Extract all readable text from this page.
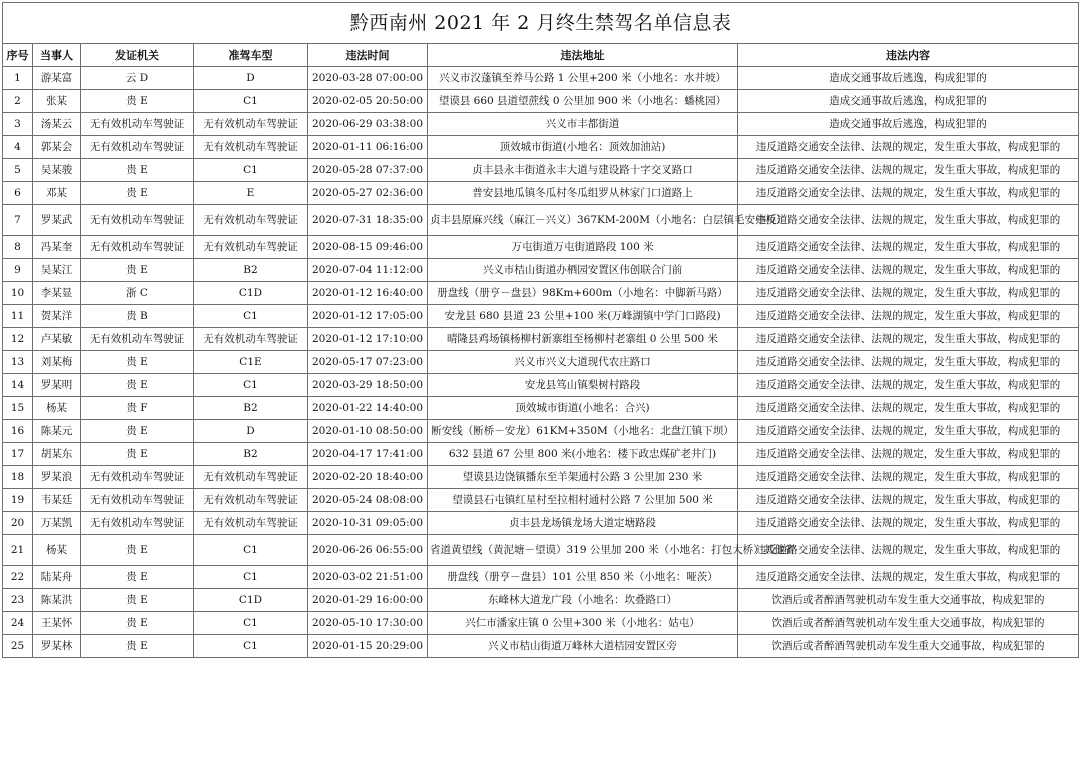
黔西南州 2021 年 2 月终生禁驾名单信息表						
序号	当事人	发证机关	准驾车型	违法时间	违法地址	违法内容
1	游某富	云 D	D	2020-03-28 07:00:00	兴义市㳇蓬镇至养马公路 1 公里+200 米（小地名：水井坡）	造成交通事故后逃逸，构成犯罪的
2	张某	贵 E	C1	2020-02-05 20:50:00	望谟县 660 县道望蔗线 0 公里加 900 米（小地名：蟠桃园）	造成交通事故后逃逸，构成犯罪的
3	汤某云	无有效机动车驾驶证	无有效机动车驾驶证	2020-06-29 03:38:00	兴义市丰都街道	造成交通事故后逃逸，构成犯罪的
4	郭某会	无有效机动车驾驶证	无有效机动车驾驶证	2020-01-11 06:16:00	顶效城市街道(小地名：顶效加油站)	违反道路交通安全法律、法规的规定，发生重大事故，构成犯罪的
5	吴某骏	贵 E	C1	2020-05-28 07:37:00	贞丰县永丰街道永丰大道与建设路十字交叉路口	违反道路交通安全法律、法规的规定，发生重大事故，构成犯罪的
6	邓某	贵 E	E	2020-05-27 02:36:00	普安县地瓜镇冬瓜村冬瓜组罗从林家门口道路上	违反道路交通安全法律、法规的规定，发生重大事故，构成犯罪的
7	罗某武	无有效机动车驾驶证	无有效机动车驾驶证	2020-07-31 18:35:00	贞丰县原麻兴线（麻江－兴义）367KM-200M（小地名：白层镇毛安中桥）	违反道路交通安全法律、法规的规定，发生重大事故，构成犯罪的
8	冯某奎	无有效机动车驾驶证	无有效机动车驾驶证	2020-08-15 09:46:00	万屯街道万屯街道路段 100 米	违反道路交通安全法律、法规的规定，发生重大事故，构成犯罪的
9	吴某江	贵 E	B2	2020-07-04 11:12:00	兴义市桔山街道办栖园安置区伟创联合门前	违反道路交通安全法律、法规的规定，发生重大事故，构成犯罪的
10	李某显	浙 C	C1D	2020-01-12 16:40:00	册盘线（册亨－盘县）98Km+600m（小地名：中脚新马路）	违反道路交通安全法律、法规的规定，发生重大事故，构成犯罪的
11	贺某洋	贵 B	C1	2020-01-12 17:05:00	安龙县 680 县道 23 公里+100 米(万峰湖镇中学门口路段)	违反道路交通安全法律、法规的规定，发生重大事故，构成犯罪的
12	卢某敏	无有效机动车驾驶证	无有效机动车驾驶证	2020-01-12 17:10:00	晴隆县鸡场镇杨柳村新寨组至杨柳村老寨组 0 公里 500 米	违反道路交通安全法律、法规的规定，发生重大事故，构成犯罪的
13	刘某梅	贵 E	C1E	2020-05-17 07:23:00	兴义市兴义大道现代农庄路口	违反道路交通安全法律、法规的规定，发生重大事故，构成犯罪的
14	罗某明	贵 E	C1	2020-03-29 18:50:00	安龙县笃山镇梨树村路段	违反道路交通安全法律、法规的规定，发生重大事故，构成犯罪的
15	杨某	贵 F	B2	2020-01-22 14:40:00	顶效城市街道(小地名：合兴)	违反道路交通安全法律、法规的规定，发生重大事故，构成犯罪的
16	陈某元	贵 E	D	2020-01-10 08:50:00	断安线（断桥－安龙）61KM+350M（小地名：北盘江镇下坝）	违反道路交通安全法律、法规的规定，发生重大事故，构成犯罪的
17	胡某东	贵 E	B2	2020-04-17 17:41:00	632 县道 67 公里 800 米(小地名：楼下政忠煤矿老井门)	违反道路交通安全法律、法规的规定，发生重大事故，构成犯罪的
18	罗某浪	无有效机动车驾驶证	无有效机动车驾驶证	2020-02-20 18:40:00	望谟县边饶镇播东至羊架通村公路 3 公里加 230 米	违反道路交通安全法律、法规的规定，发生重大事故，构成犯罪的
19	韦某廷	无有效机动车驾驶证	无有效机动车驾驶证	2020-05-24 08:08:00	望谟县石屯镇红星村至拉相村通村公路 7 公里加 500 米	违反道路交通安全法律、法规的规定，发生重大事故，构成犯罪的
20	万某凯	无有效机动车驾驶证	无有效机动车驾驶证	2020-10-31 09:05:00	贞丰县龙场镇龙场大道定塘路段	违反道路交通安全法律、法规的规定，发生重大事故，构成犯罪的
21	杨某	贵 E	C1	2020-06-26 06:55:00	省道黄望线（黄泥塘－望谟）319 公里加 200 米（小地名：打包大桥）其他省	违反道路交通安全法律、法规的规定，发生重大事故，构成犯罪的
22	陆某舟	贵 E	C1	2020-03-02 21:51:00	册盘线（册亨－盘县）101 公里 850 米（小地名：哑茨）	违反道路交通安全法律、法规的规定，发生重大事故，构成犯罪的
23	陈某洪	贵 E	C1D	2020-01-29 16:00:00	东峰林大道龙广段（小地名：坎叠路口）	饮酒后或者醉酒驾驶机动车发生重大交通事故，构成犯罪的
24	王某怀	贵 E	C1	2020-05-10 17:30:00	兴仁市潘家庄镇 0 公里+300 米（小地名：姑屯）	饮酒后或者醉酒驾驶机动车发生重大交通事故，构成犯罪的
25	罗某林	贵 E	C1	2020-01-15 20:29:00	兴义市桔山街道万峰林大道桔园安置区旁	饮酒后或者醉酒驾驶机动车发生重大交通事故，构成犯罪的
